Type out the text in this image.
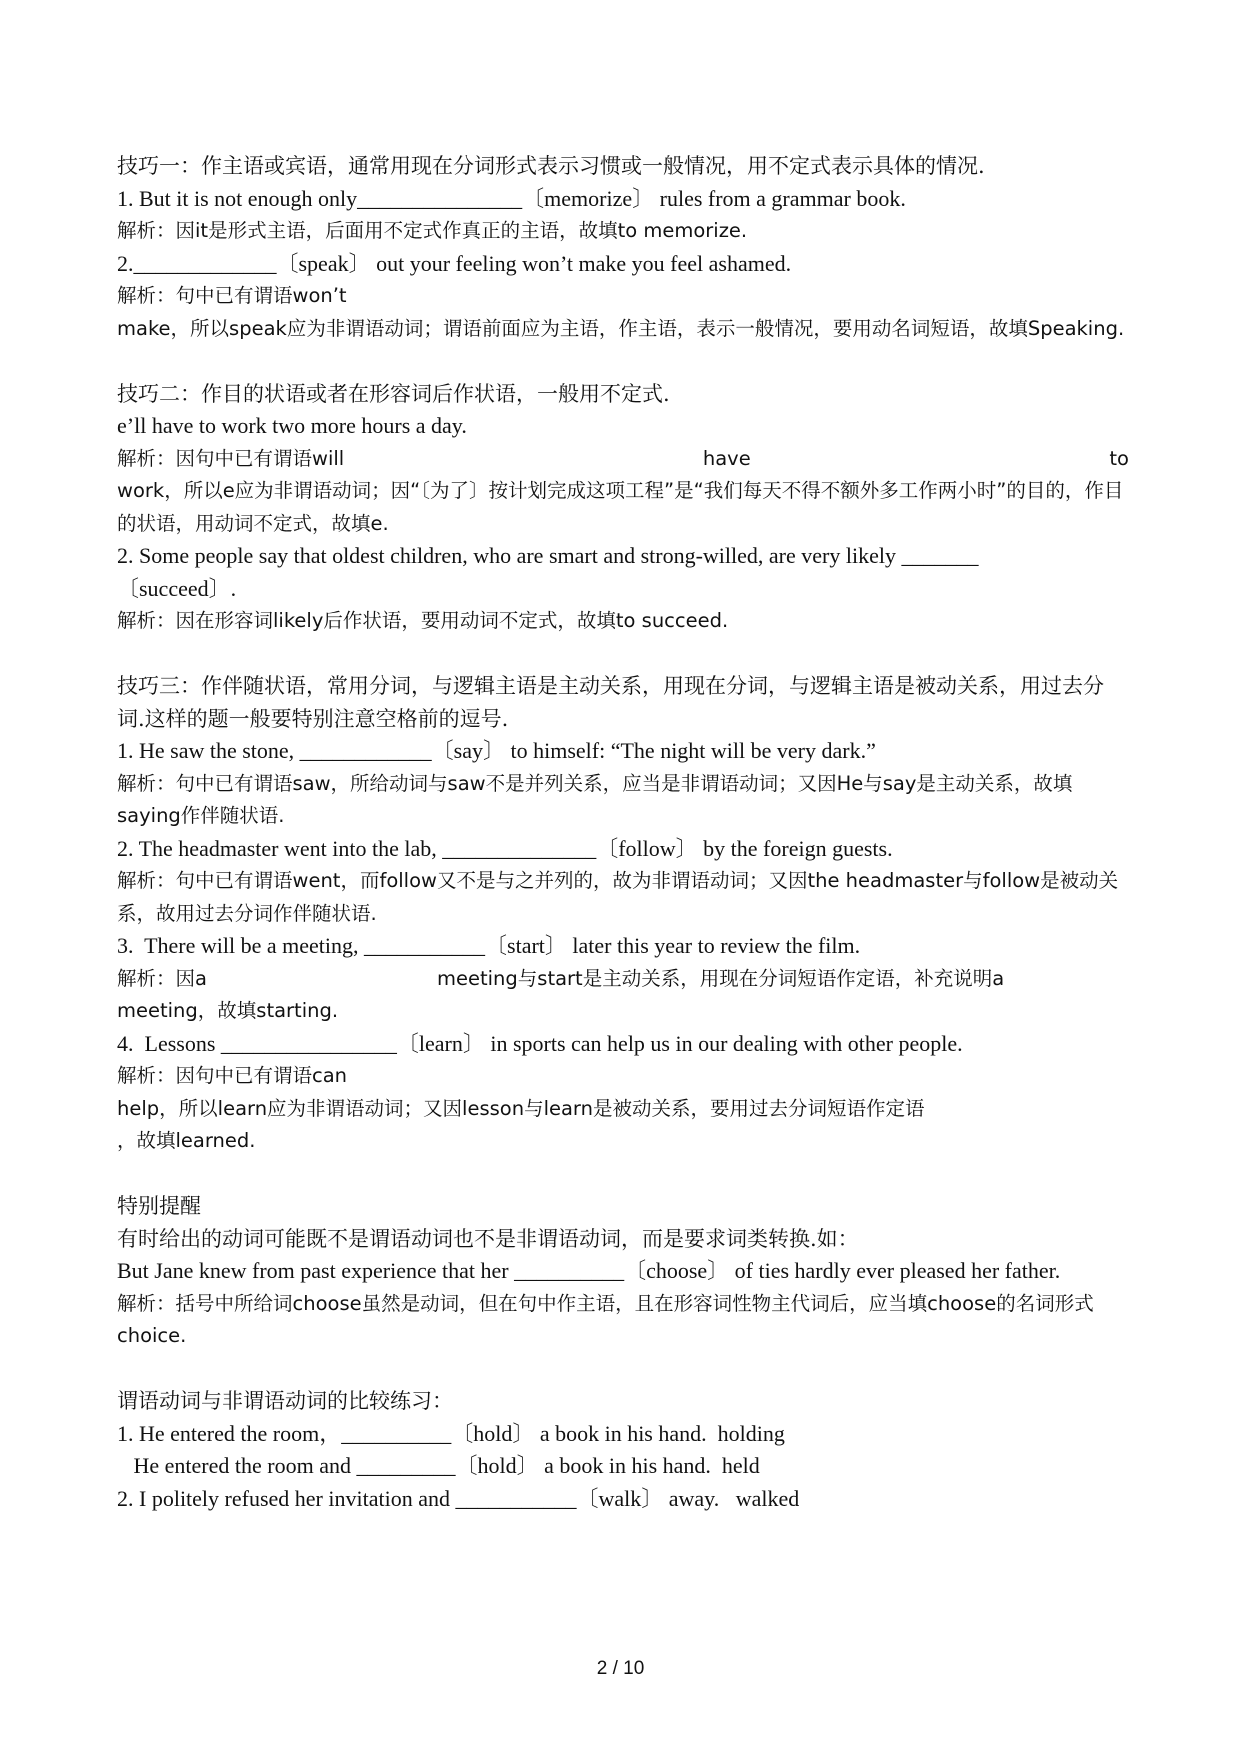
技巧一：作主语或宾语，通常用现在分词形式表示习惯或一般情况，用不定式表示具体的情况.

1. But it is not enough only_______________〔memorize〕 rules from a grammar book.

解析：因it是形式主语，后面用不定式作真正的主语，故填to memorize.

2._____________〔speak〕 out your feeling won’t make you feel ashamed.

解析：句中已有谓语won’t

make，所以speak应为非谓语动词；谓语前面应为主语，作主语，表示一般情况，要用动名词短语，故填Speaking.

技巧二：作目的状语或者在形容词后作状语，一般用不定式.

e’ll have to work two more hours a day.

解析：因句中已有谓语will	have	to

work，所以e应为非谓语动词；因“〔为了〕按计划完成这项工程”是“我们每天不得不额外多工作两小时”的目的，作目的状语，用动词不定式，故填e.

2. Some people say that oldest children, who are smart and strong-willed, are very likely _______

〔succeed〕.

解析：因在形容词likely后作状语，要用动词不定式，故填to succeed.

技巧三：作伴随状语，常用分词，与逻辑主语是主动关系，用现在分词，与逻辑主语是被动关系，用过去分词.这样的题一般要特别注意空格前的逗号.

1. He saw the stone, ____________〔say〕 to himself: “The night will be very dark.”

解析：句中已有谓语saw，所给动词与saw不是并列关系，应当是非谓语动词；又因He与say是主动关系，故填saying作伴随状语.

2. The headmaster went into the lab, ______________〔follow〕 by the foreign guests.

解析：句中已有谓语went，而follow又不是与之并列的，故为非谓语动词；又因the headmaster与follow是被动关系，故用过去分词作伴随状语.

3.  There will be a meeting, ___________〔start〕 later this year to review the film.

解析：因a	meeting与start是主动关系，用现在分词短语作定语，补充说明a

meeting，故填starting.

4.  Lessons ________________〔learn〕 in sports can help us in our dealing with other people.

解析：因句中已有谓语can

help，所以learn应为非谓语动词；又因lesson与learn是被动关系，要用过去分词短语作定语

，故填learned.

特别提醒

有时给出的动词可能既不是谓语动词也不是非谓语动词，而是要求词类转换.如：

But Jane knew from past experience that her __________〔choose〕 of ties hardly ever pleased her father.

解析：括号中所给词choose虽然是动词，但在句中作主语，且在形容词性物主代词后，应当填choose的名词形式choice.

谓语动词与非谓语动词的比较练习：

1. He entered the room，__________〔hold〕 a book in his hand.  holding

He entered the room and _________〔hold〕 a book in his hand.  held

2. I politely refused her invitation and ___________〔walk〕 away.   walked

2 / 10
